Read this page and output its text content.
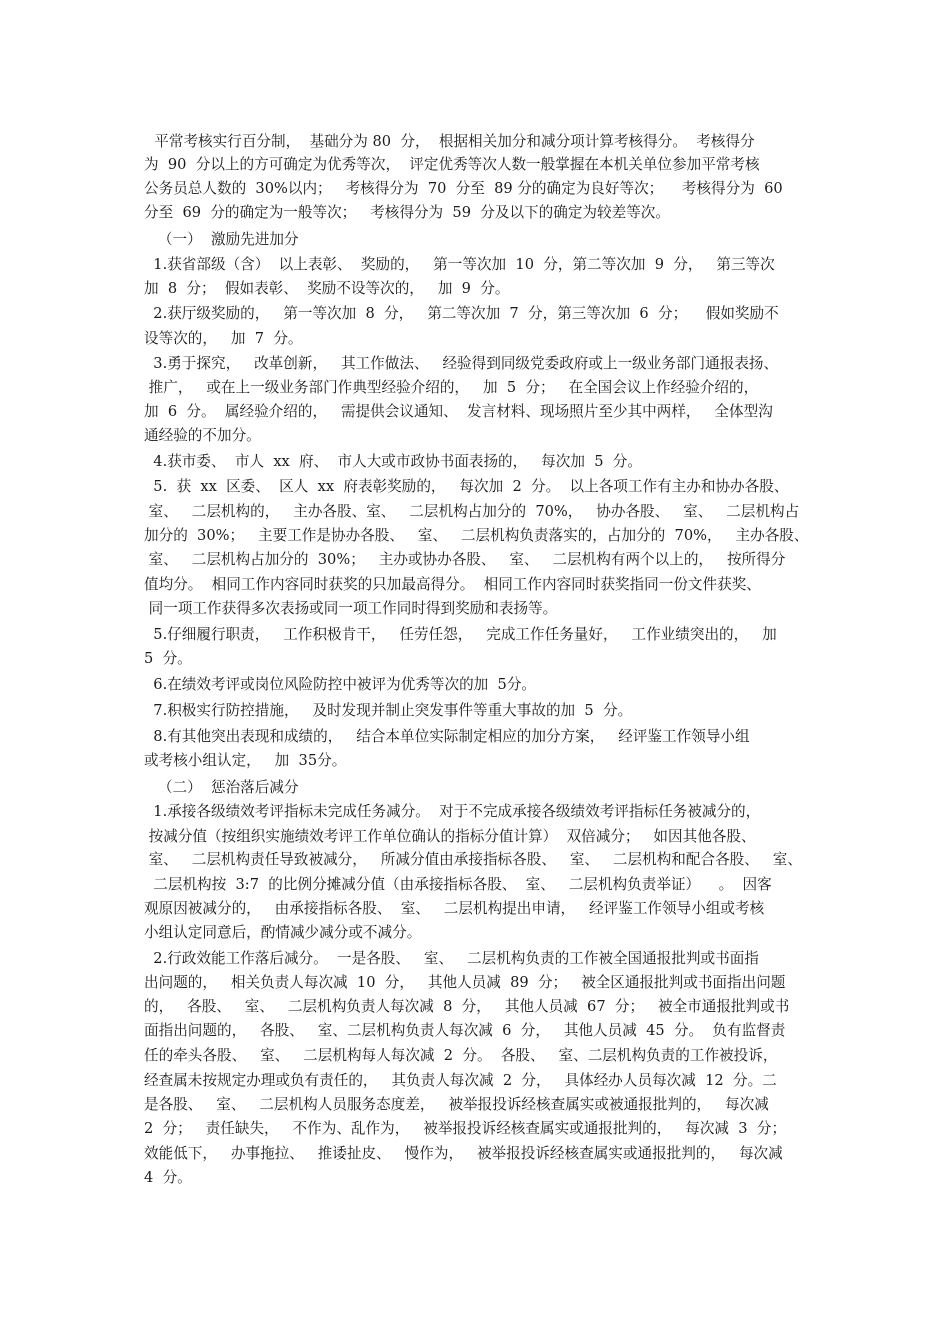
平常考核实行百分制，  基础分为 80  分，  根据相关加分和减分项计算考核得分。  考核得分

为  90  分以上的方可确定为优秀等次，  评定优秀等次人数一般掌握在本机关单位参加平常考核

公务员总人数的  30%以内；   考核得分为  70  分至  89 分的确定为良好等次；    考核得分为  60

分至  69  分的确定为一般等次；   考核得分为  59  分及以下的确定为较差等次。

（一）  激励先进加分

1.获省部级（含）  以上表彰、  奖励的，   第一等次加  10  分，第二等次加  9  分，   第三等次

加  8  分；  假如表彰、  奖励不设等次的，   加  9  分。

2.获厅级奖励的，   第一等次加  8  分，   第二等次加  7  分，第三等次加  6  分；    假如奖励不

设等次的，   加  7  分。

3.勇于探究，   改革创新，   其工作做法、   经验得到同级党委政府或上一级业务部门通报表扬、

推广，   或在上一级业务部门作典型经验介绍的，   加  5  分；   在全国会议上作经验介绍的，

加  6  分。  属经验介绍的，   需提供会议通知、  发言材料、现场照片至少其中两样，   全体型沟

通经验的不加分。

4.获市委、  市人  xx  府、  市人大或市政协书面表扬的，   每次加  5  分。

5.  获  xx  区委、  区人  xx  府表彰奖励的，   每次加  2  分。  以上各项工作有主办和协办各股、

室、   二层机构的，   主办各股、室、   二层机构占加分的  70%，   协办各股、   室、   二层机构占

加分的  30%；   主要工作是协办各股、   室、   二层机构负责落实的，占加分的  70%，   主办各股、

室、   二层机构占加分的  30%；   主办或协办各股、   室、   二层机构有两个以上的，   按所得分

值均分。  相同工作内容同时获奖的只加最高得分。  相同工作内容同时获奖指同一份文件获奖、

同一项工作获得多次表扬或同一项工作同时得到奖励和表扬等。

5.仔细履行职责，   工作积极肯干，   任劳任怨，   完成工作任务量好，   工作业绩突出的，   加

5  分。

6.在绩效考评或岗位风险防控中被评为优秀等次的加  5分。

7.积极实行防控措施，   及时发现并制止突发事件等重大事故的加  5  分。

8.有其他突出表现和成绩的，   结合本单位实际制定相应的加分方案，   经评鉴工作领导小组

或考核小组认定，   加  35分。

（二）  惩治落后减分

1.承接各级绩效考评指标未完成任务减分。  对于不完成承接各级绩效考评指标任务被减分的，

按减分值（按组织实施绩效考评工作单位确认的指标分值计算）  双倍减分；   如因其他各股、

室、   二层机构责任导致被减分，   所减分值由承接指标各股、   室、   二层机构和配合各股、   室、

二层机构按  3:7  的比例分摊减分值（由承接指标各股、  室、   二层机构负责举证）    。  因客

观原因被减分的，   由承接指标各股、  室、   二层机构提出申请，   经评鉴工作领导小组或考核

小组认定同意后，酌情减少减分或不减分。

2.行政效能工作落后减分。  一是各股、   室、   二层机构负责的工作被全国通报批判或书面指

出问题的，   相关负责人每次减  10  分，   其他人员减  89  分；   被全区通报批判或书面指出问题

的，   各股、   室、   二层机构负责人每次减  8  分，   其他人员减  67  分；   被全市通报批判或书

面指出问题的，   各股、   室、二层机构负责人每次减  6  分，   其他人员减  45  分。  负有监督责

任的牵头各股、   室、   二层机构每人每次减  2  分。  各股、   室、二层机构负责的工作被投诉，

经查属未按规定办理或负有责任的，   其负责人每次减  2  分，   具体经办人员每次减  12  分。二

是各股、   室、   二层机构人员服务态度差，   被举报投诉经核查属实或被通报批判的，   每次减

2  分；   责任缺失，   不作为、乱作为，   被举报投诉经核查属实或通报批判的，   每次减  3  分；

效能低下，   办事拖拉、   推诿扯皮、   慢作为，   被举报投诉经核查属实或通报批判的，   每次减

4  分。
